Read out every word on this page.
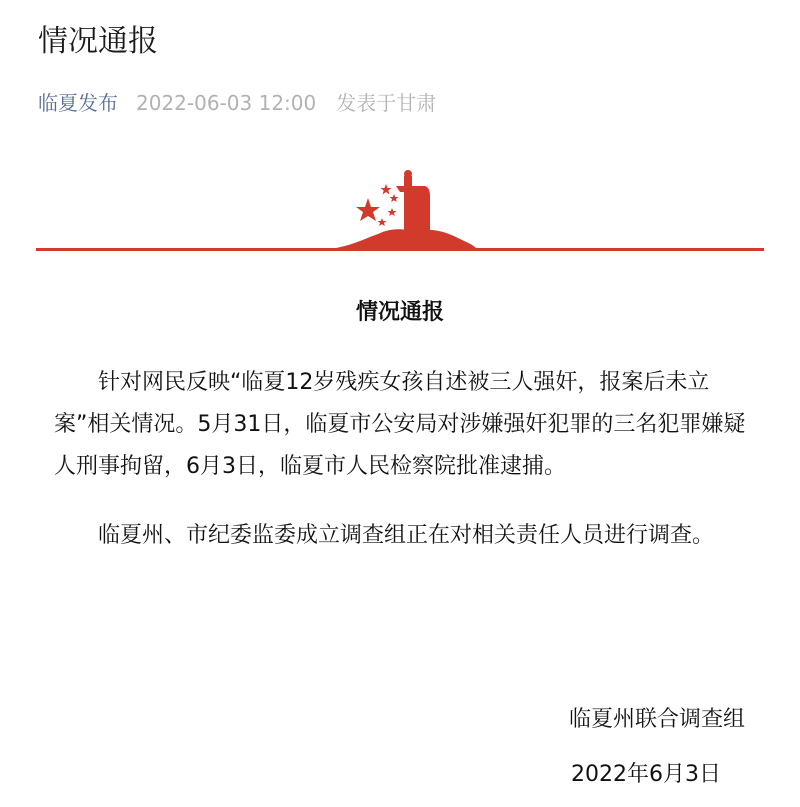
情况通报
临夏发布 2022-06-03 12:00 发表于甘肃
情况通报

针对网民反映“临夏12岁残疾女孩自述被三人强奸，报案后未立案”相关情况。5月31日，临夏市公安局对涉嫌强奸犯罪的三名犯罪嫌疑人刑事拘留，6月3日，临夏市人民检察院批准逮捕。

临夏州、市纪委监委成立调查组正在对相关责任人员进行调查。

临夏州联合调查组
2022年6月3日
